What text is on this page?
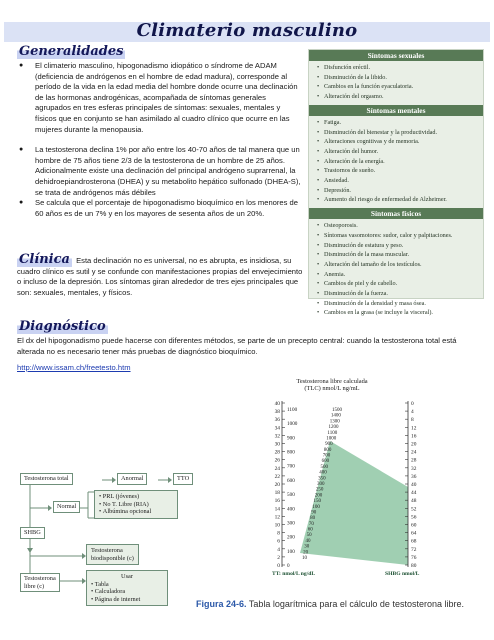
Climaterio masculino
Generalidades
● El climaterio masculino, hipogonadismo idiopático o síndrome de ADAM (deficiencia de andrógenos en el hombre de edad madura), corresponde al período de la vida en la edad media del hombre donde ocurre una declinación de las hormonas androgénicas, acompañada de síntomas generales agrupados en tres esferas principales de síntomas: sexuales, mentales y físicos que en conjunto se han asimilado al cuadro clínico que ocurre en las mujeres durante la menopausia.
● La testosterona declina 1% por año entre los 40-70 años de tal manera que un hombre de 75 años tiene 2/3 de la testosterona de un hombre de 25 años. Adicionalmente existe una declinación del principal andrógeno suprarrenal, la dehidroepiandrosterona (DHEA) y su metabolito hepático sulfonado (DHEA-S), se trata de andrógenos más débiles
● Se calcula que el porcentaje de hipogonadismo bioquímico en los menores de 60 años es de un 7% y en los mayores de sesenta años de un 20%.
Clínica Esta declinación no es universal, no es abrupta, es insidiosa, su cuadro clínico es sutil y se confunde con manifestaciones propias del envejecimiento o incluso de la depresión. Los síntomas giran alrededor de tres ejes principales que son: sexuales, mentales, y físicos.
Diagnóstico
El dx del hipogonadismo puede hacerse con diferentes métodos, se parte de un precepto central: cuando la testosterona total está alterada no es necesario tener más pruebas de diagnóstico bioquímico.
http://www.issam.ch/freetesto.htm
Síntomas sexuales
• Disfunción eréctil.
• Disminución de la libido.
• Cambios en la función eyaculatoria.
• Alteración del orgasmo.
Síntomas mentales
• Fatiga.
• Disminución del bienestar y la productividad.
• Alteraciones cognitivas y de memoria.
• Alteración del humor.
• Alteración de la energía.
• Trastornos de sueño.
• Ansiedad.
• Depresión.
• Aumento del riesgo de enfermedad de Alzheimer.
Síntomas físicos
• Osteoporosis.
• Síntomas vasomotores: sudor, calor y palpitaciones.
• Disminución de estatura y peso.
• Disminución de la masa muscular.
• Alteración del tamaño de los testículos.
• Anemia.
• Cambios de piel y de cabello.
• Disminución de la fuerza.
• Disminución de la densidad y masa ósea.
• Cambios en la grasa (se incluye la visceral).
Testosterona total	Anormal	TTO
Normal
• PRL (jóvenes)
• No T. Libre (RIA)
• Albúmina opcional
SHBG
Testosterona
biodisponible (c)
Testosterona
libre (c)
Usar
• Tabla
• Calculadora
• Página de internet
Testosterona libre calculada
(TLC) nmol/L ng/mL
40
38
36
34
32
30
28
26
24
22
20
18
16
14
12
10
8
6
4
2
0
1100
1000
900
800
700
600
500
400
300
200
100
0
0
4
8
12
16
20
24
28
32
36
40
44
48
52
56
60
64
68
72
76
80
1500
1400
1300
1200
1100
1000
900
800
700
600
500
400
350
300
250
200
150
100
90
80
70
60
50
40
30
20
10
TT: nmol/L ng/dL	SHBG nmol/L
Figura 24-6. Tabla logarítmica para el cálculo de testosterona libre.
